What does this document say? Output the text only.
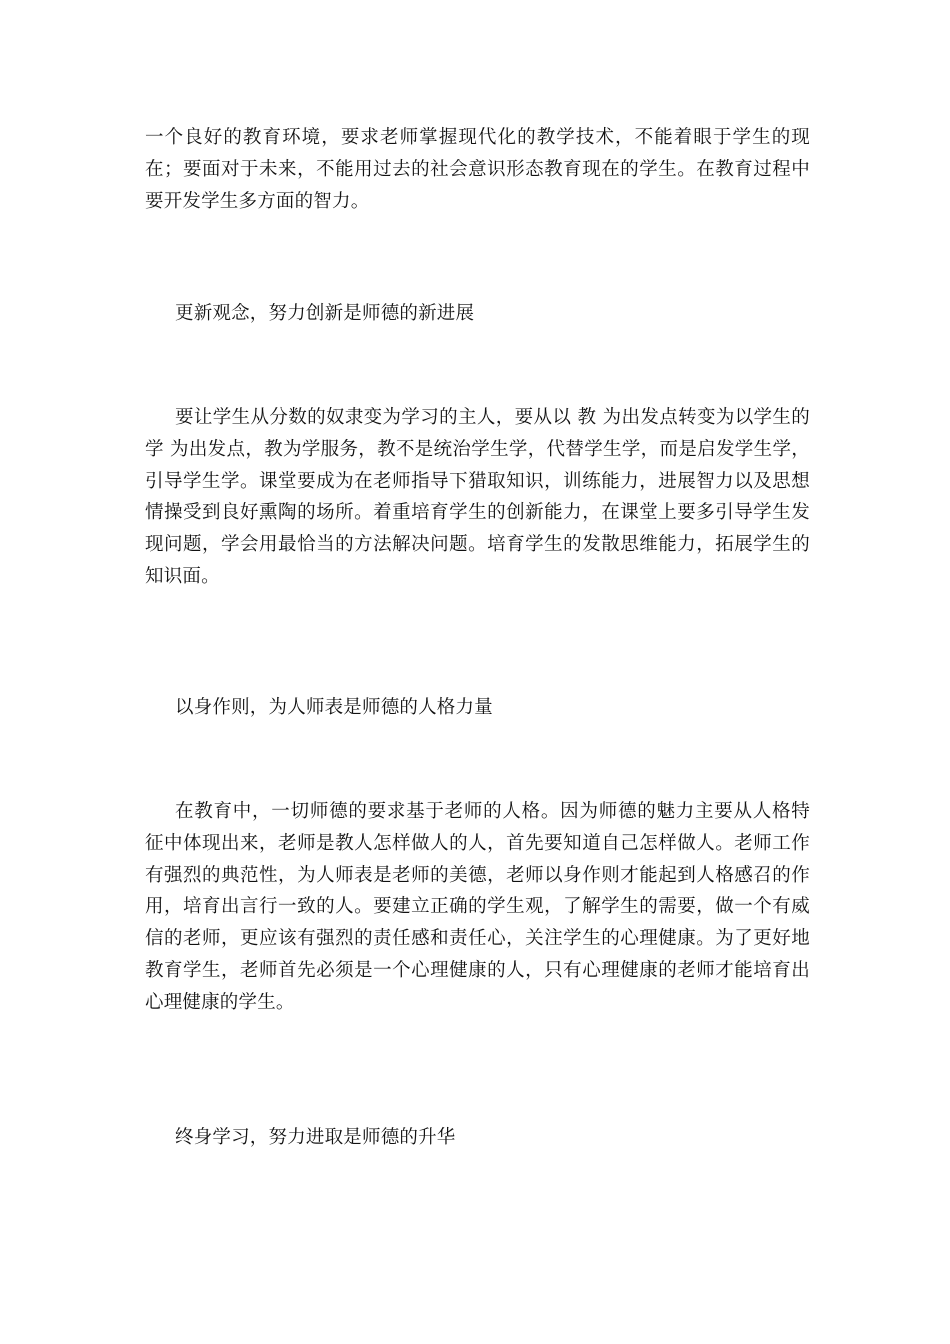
一个良好的教育环境，要求老师掌握现代化的教学技术，不能着眼于学生的现在；要面对于未来，不能用过去的社会意识形态教育现在的学生。在教育过程中要开发学生多方面的智力。

更新观念，努力创新是师德的新进展

要让学生从分数的奴隶变为学习的主人，要从以 教 为出发点转变为以学生的 学 为出发点，教为学服务，教不是统治学生学，代替学生学，而是启发学生学，引导学生学。课堂要成为在老师指导下猎取知识，训练能力，进展智力以及思想情操受到良好熏陶的场所。着重培育学生的创新能力，在课堂上要多引导学生发现问题，学会用最恰当的方法解决问题。培育学生的发散思维能力，拓展学生的知识面。

以身作则，为人师表是师德的人格力量

在教育中，一切师德的要求基于老师的人格。因为师德的魅力主要从人格特征中体现出来，老师是教人怎样做人的人，首先要知道自己怎样做人。老师工作有强烈的典范性，为人师表是老师的美德，老师以身作则才能起到人格感召的作用，培育出言行一致的人。要建立正确的学生观，了解学生的需要，做一个有威信的老师，更应该有强烈的责任感和责任心，关注学生的心理健康。为了更好地教育学生，老师首先必须是一个心理健康的人，只有心理健康的老师才能培育出心理健康的学生。

终身学习，努力进取是师德的升华
